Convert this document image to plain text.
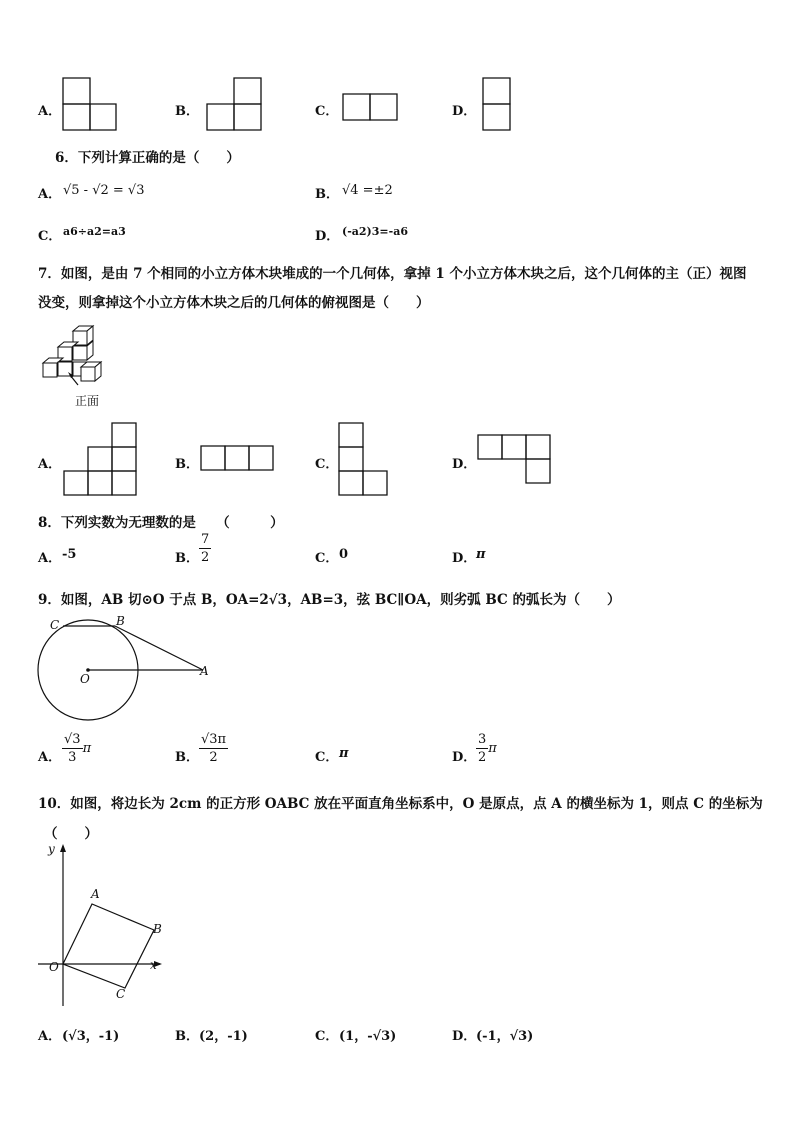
A．	B．	C．	D．
6．下列计算正确的是（　　）
A． √5 - √2 = √3	B． √4 =±2
C． a6÷a2=a3	D． (-a2)3=-a6
7．如图，是由 7 个相同的小立方体木块堆成的一个几何体，拿掉 1 个小立方体木块之后，这个几何体的主（正）视图
没变，则拿掉这个小立方体木块之后的几何体的俯视图是（　　）
正面
A．	B．	C．	D．
8．下列实数为无理数的是　　（　　　）
A． -5	B． $\frac{7}{2}$	C． 0	D． π
9．如图，AB 切⊙O 于点 B，OA=2√3，AB=3，弦 BC∥OA，则劣弧 BC 的弧长为（　　）
C	B
O
A
A． $\frac{√3}{3}$ π
B． $\frac{√3\pi}{2}$	C． π	D． $\frac{3}{2}$ π
10．如图，将边长为 2cm 的正方形 OABC 放在平面直角坐标系中，O 是原点，点 A 的横坐标为 1，则点 C 的坐标为
（　　）
y
x
O
A
B
C
A． (√3，-1)	B． (2，-1)	C． (1，-√3)	D． (-1，√3)
